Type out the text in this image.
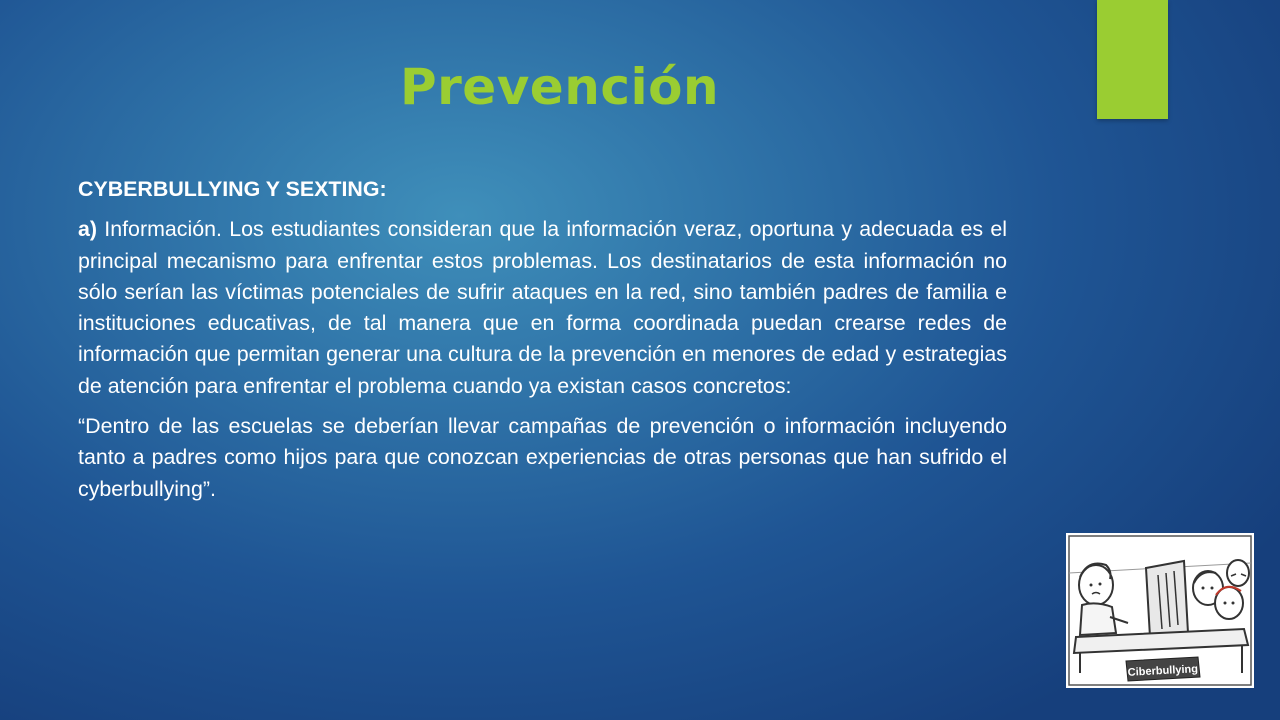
Prevención

CYBERBULLYING Y SEXTING:

a) Información. Los estudiantes consideran que la información veraz, oportuna y adecuada es el principal mecanismo para enfrentar estos problemas. Los destinatarios de esta información no sólo serían las víctimas potenciales de sufrir ataques en la red, sino también padres de familia e instituciones educativas, de tal manera que en forma coordinada puedan crearse redes de información que permitan generar una cultura de la prevención en menores de edad y estrategias de atención para enfrentar el problema cuando ya existan casos concretos:

“Dentro de las escuelas se deberían llevar campañas de prevención o información incluyendo tanto a padres como hijos para que conozcan experiencias de otras personas que han sufrido el cyberbullying”.

Ciberbullying
